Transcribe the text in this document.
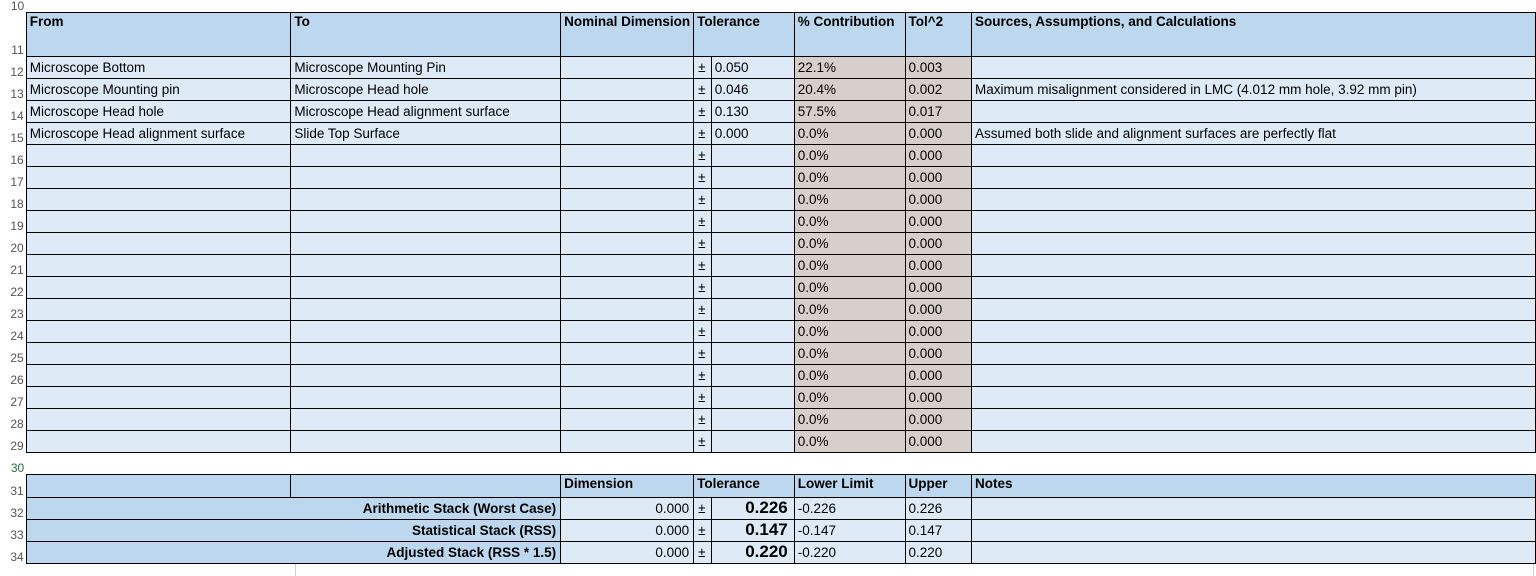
10								
11	From	To	Nominal Dimension	Tolerance		% Contribution	Tol^2	Sources, Assumptions, and Calculations
12	Microscope Bottom	Microscope Mounting Pin		±	0.050	22.1%	0.003	
13	Microscope Mounting pin	Microscope Head hole		±	0.046	20.4%	0.002	Maximum misalignment considered in LMC (4.012 mm hole, 3.92 mm pin)
14	Microscope Head hole	Microscope Head alignment surface		±	0.130	57.5%	0.017	
15	Microscope Head alignment surface	Slide Top Surface		±	0.000	0.0%	0.000	Assumed both slide and alignment surfaces are perfectly flat
16				±		0.0%	0.000	
17				±		0.0%	0.000	
18				±		0.0%	0.000	
19				±		0.0%	0.000	
20				±		0.0%	0.000	
21				±		0.0%	0.000	
22				±		0.0%	0.000	
23				±		0.0%	0.000	
24				±		0.0%	0.000	
25				±		0.0%	0.000	
26				±		0.0%	0.000	
27				±		0.0%	0.000	
28				±		0.0%	0.000	
29				±		0.0%	0.000	
30								
31			Dimension	Tolerance		Lower Limit	Upper	Notes
32	Arithmetic Stack (Worst Case)		0.000	±	0.226	-0.226	0.226	
33	Statistical Stack (RSS)		0.000	±	0.147	-0.147	0.147	
34	Adjusted Stack (RSS * 1.5)		0.000	±	0.220	-0.220	0.220	
